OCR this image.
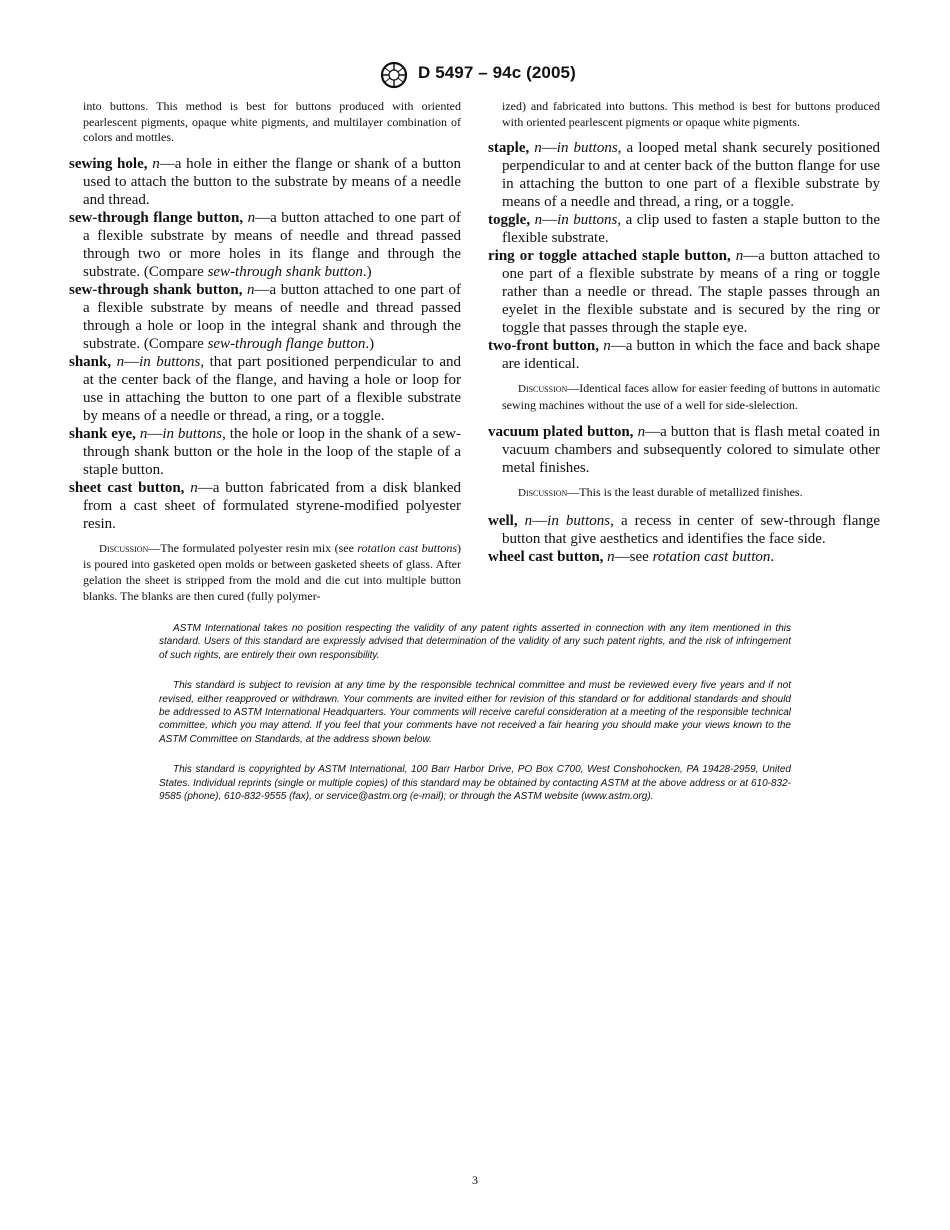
D 5497 – 94c (2005)

into buttons. This method is best for buttons produced with oriented pearlescent pigments, opaque white pigments, and multilayer combination of colors and mottles.

sewing hole, n—a hole in either the flange or shank of a button used to attach the button to the substrate by means of a needle and thread.

sew-through flange button, n—a button attached to one part of a flexible substrate by means of needle and thread passed through two or more holes in its flange and through the substrate. (Compare sew-through shank button.)

sew-through shank button, n—a button attached to one part of a flexible substrate by means of needle and thread passed through a hole or loop in the integral shank and through the substrate. (Compare sew-through flange button.)

shank, n—in buttons, that part positioned perpendicular to and at the center back of the flange, and having a hole or loop for use in attaching the button to one part of a flexible substrate by means of a needle or thread, a ring, or a toggle.

shank eye, n—in buttons, the hole or loop in the shank of a sew-through shank button or the hole in the loop of the staple of a staple button.

sheet cast button, n—a button fabricated from a disk blanked from a cast sheet of formulated styrene-modified polyester resin.

Discussion—The formulated polyester resin mix (see rotation cast buttons) is poured into gasketed open molds or between gasketed sheets of glass. After gelation the sheet is stripped from the mold and die cut into multiple button blanks. The blanks are then cured (fully polymer-

ized) and fabricated into buttons. This method is best for buttons produced with oriented pearlescent pigments or opaque white pigments.

staple, n—in buttons, a looped metal shank securely positioned perpendicular to and at center back of the button flange for use in attaching the button to one part of a flexible substrate by means of a needle and thread, a ring, or a toggle.

toggle, n—in buttons, a clip used to fasten a staple button to the flexible substrate.

ring or toggle attached staple button, n—a button attached to one part of a flexible substrate by means of a ring or toggle rather than a needle or thread. The staple passes through an eyelet in the flexible substate and is secured by the ring or toggle that passes through the staple eye.

two-front button, n—a button in which the face and back shape are identical.

Discussion—Identical faces allow for easier feeding of buttons in automatic sewing machines without the use of a well for side-slelection.

vacuum plated button, n—a button that is flash metal coated in vacuum chambers and subsequently colored to simulate other metal finishes.

Discussion—This is the least durable of metallized finishes.

well, n—in buttons, a recess in center of sew-through flange button that give aesthetics and identifies the face side.

wheel cast button, n—see rotation cast button.

ASTM International takes no position respecting the validity of any patent rights asserted in connection with any item mentioned in this standard. Users of this standard are expressly advised that determination of the validity of any such patent rights, and the risk of infringement of such rights, are entirely their own responsibility.

This standard is subject to revision at any time by the responsible technical committee and must be reviewed every five years and if not revised, either reapproved or withdrawn. Your comments are invited either for revision of this standard or for additional standards and should be addressed to ASTM International Headquarters. Your comments will receive careful consideration at a meeting of the responsible technical committee, which you may attend. If you feel that your comments have not received a fair hearing you should make your views known to the ASTM Committee on Standards, at the address shown below.

This standard is copyrighted by ASTM International, 100 Barr Harbor Drive, PO Box C700, West Conshohocken, PA 19428-2959, United States. Individual reprints (single or multiple copies) of this standard may be obtained by contacting ASTM at the above address or at 610-832-9585 (phone), 610-832-9555 (fax), or service@astm.org (e-mail); or through the ASTM website (www.astm.org).

3
